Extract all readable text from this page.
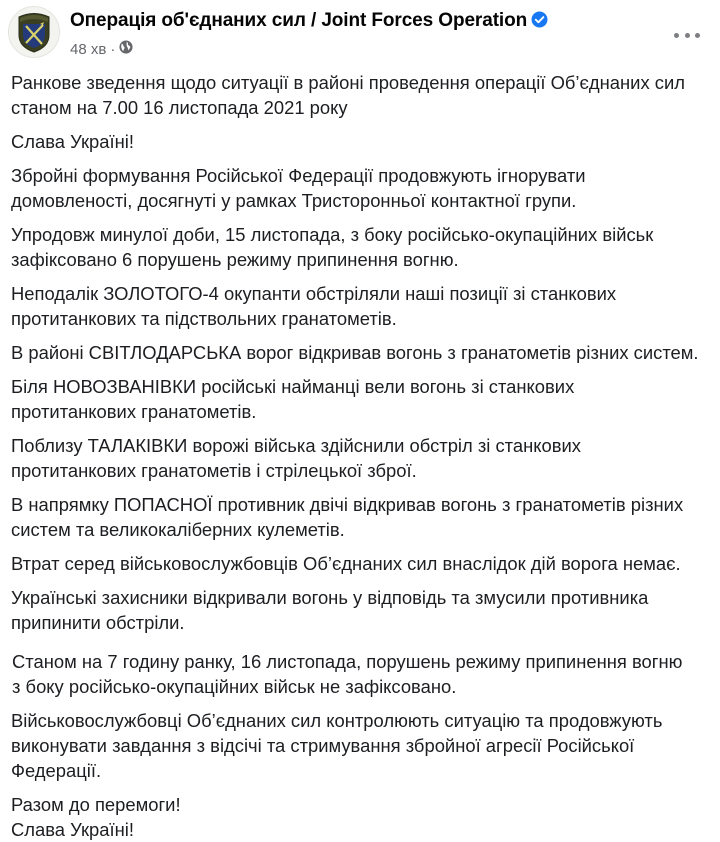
Операція об'єднаних сил / Joint Forces Operation
48 хв ·

Ранкове зведення щодо ситуації в районі проведення операції Об’єднаних сил
станом на 7.00 16 листопада 2021 року

Слава Україні!

Збройні формування Російської Федерації продовжують ігнорувати
домовленості, досягнуті у рамках Тристоронньої контактної групи.

Упродовж минулої доби, 15 листопада, з боку російсько-окупаційних військ
зафіксовано 6 порушень режиму припинення вогню.

Неподалік ЗОЛОТОГО-4 окупанти обстріляли наші позиції зі станкових
протитанкових та підствольних гранатометів.

В районі СВІТЛОДАРСЬКА ворог відкривав вогонь з гранатометів різних систем.

Біля НОВОЗВАНІВКИ російські найманці вели вогонь зі станкових
протитанкових гранатометів.

Поблизу ТАЛАКІВКИ ворожі війська здійснили обстріл зі станкових
протитанкових гранатометів і стрілецької зброї.

В напрямку ПОПАСНОЇ противник двічі відкривав вогонь з гранатометів різних
систем та великокаліберних кулеметів.

Втрат серед військовослужбовців Об’єднаних сил внаслідок дій ворога немає.

Українські захисники відкривали вогонь у відповідь та змусили противника
припинити обстріли.

Станом на 7 годину ранку, 16 листопада, порушень режиму припинення вогню
з боку російсько-окупаційних військ не зафіксовано.

Військовослужбовці Об’єднаних сил контролюють ситуацію та продовжують
виконувати завдання з відсічі та стримування збройної агресії Російської
Федерації.

Разом до перемоги!
Слава Україні!
